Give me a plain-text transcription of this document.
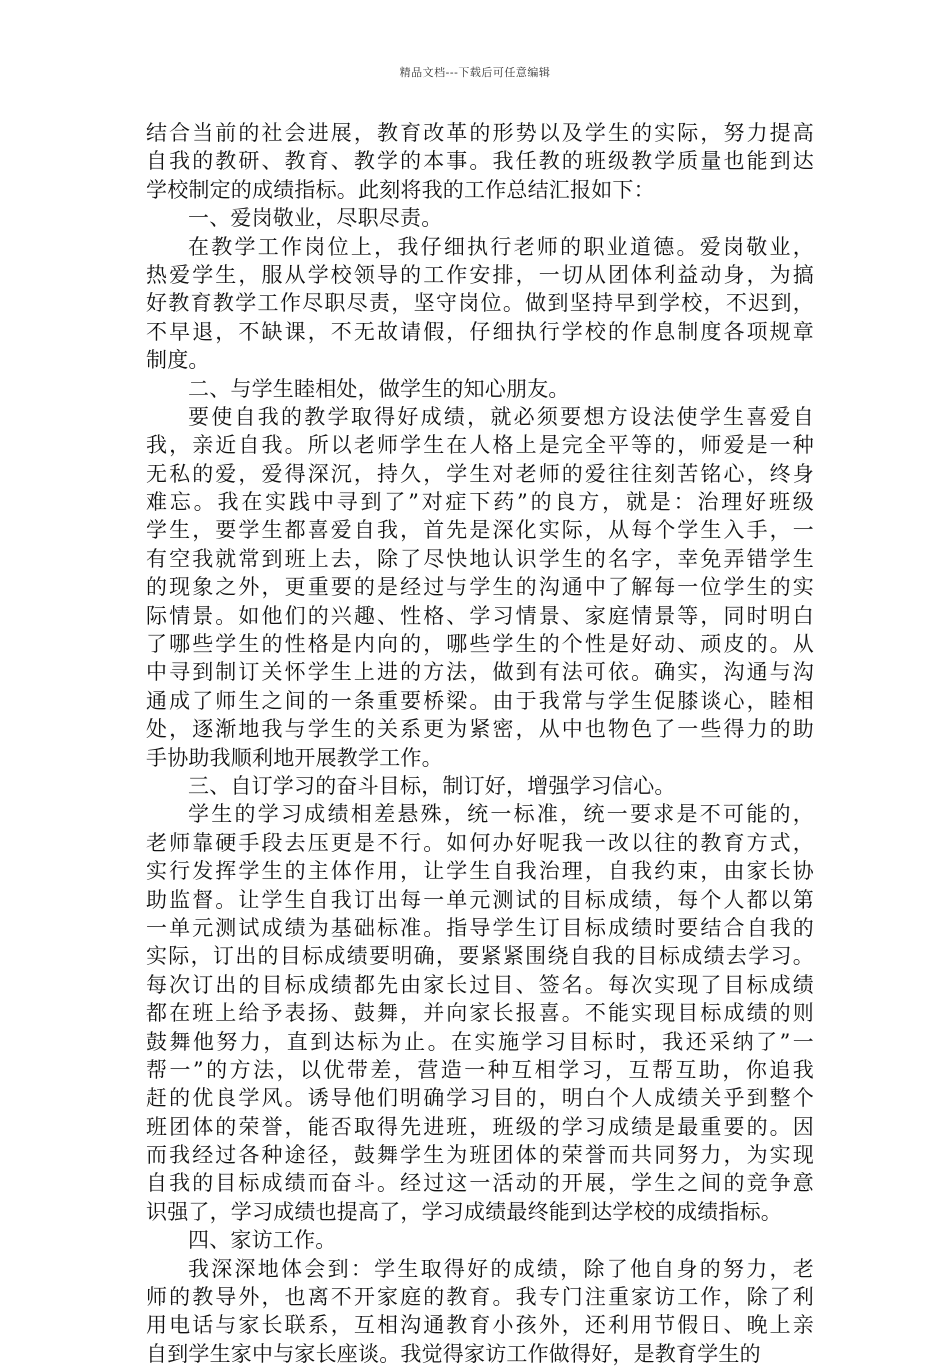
精品文档---下载后可任意编辑
结合当前的社会进展，教育改革的形势以及学生的实际，努力提高
自我的教研、教育、教学的本事。我任教的班级教学质量也能到达
学校制定的成绩指标。此刻将我的工作总结汇报如下：
一、爱岗敬业，尽职尽责。
在教学工作岗位上，我仔细执行老师的职业道德。爱岗敬业，
热爱学生，服从学校领导的工作安排，一切从团体利益动身，为搞
好教育教学工作尽职尽责，坚守岗位。做到坚持早到学校，不迟到，
不早退，不缺课，不无故请假，仔细执行学校的作息制度各项规章
制度。
二、与学生睦相处，做学生的知心朋友。
要使自我的教学取得好成绩，就必须要想方设法使学生喜爱自
我，亲近自我。所以老师学生在人格上是完全平等的，师爱是一种
无私的爱，爱得深沉，持久，学生对老师的爱往往刻苦铭心，终身
难忘。我在实践中寻到了”对症下药”的良方，就是：治理好班级
学生，要学生都喜爱自我，首先是深化实际，从每个学生入手，一
有空我就常到班上去，除了尽快地认识学生的名字，幸免弄错学生
的现象之外，更重要的是经过与学生的沟通中了解每一位学生的实
际情景。如他们的兴趣、性格、学习情景、家庭情景等，同时明白
了哪些学生的性格是内向的，哪些学生的个性是好动、顽皮的。从
中寻到制订关怀学生上进的方法，做到有法可依。确实，沟通与沟
通成了师生之间的一条重要桥梁。由于我常与学生促膝谈心，睦相
处，逐渐地我与学生的关系更为紧密，从中也物色了一些得力的助
手协助我顺利地开展教学工作。
三、自订学习的奋斗目标，制订好，增强学习信心。
学生的学习成绩相差悬殊，统一标准，统一要求是不可能的，
老师靠硬手段去压更是不行。如何办好呢我一改以往的教育方式，
实行发挥学生的主体作用，让学生自我治理，自我约束，由家长协
助监督。让学生自我订出每一单元测试的目标成绩，每个人都以第
一单元测试成绩为基础标准。指导学生订目标成绩时要结合自我的
实际，订出的目标成绩要明确，要紧紧围绕自我的目标成绩去学习。
每次订出的目标成绩都先由家长过目、签名。每次实现了目标成绩
都在班上给予表扬、鼓舞，并向家长报喜。不能实现目标成绩的则
鼓舞他努力，直到达标为止。在实施学习目标时，我还采纳了”一
帮一”的方法，以优带差，营造一种互相学习，互帮互助，你追我
赶的优良学风。诱导他们明确学习目的，明白个人成绩关乎到整个
班团体的荣誉，能否取得先进班，班级的学习成绩是最重要的。因
而我经过各种途径，鼓舞学生为班团体的荣誉而共同努力，为实现
自我的目标成绩而奋斗。经过这一活动的开展，学生之间的竞争意
识强了，学习成绩也提高了，学习成绩最终能到达学校的成绩指标。
四、家访工作。
我深深地体会到：学生取得好的成绩，除了他自身的努力，老
师的教导外，也离不开家庭的教育。我专门注重家访工作，除了利
用电话与家长联系，互相沟通教育小孩外，还利用节假日、晚上亲
自到学生家中与家长座谈。我觉得家访工作做得好，是教育学生的
